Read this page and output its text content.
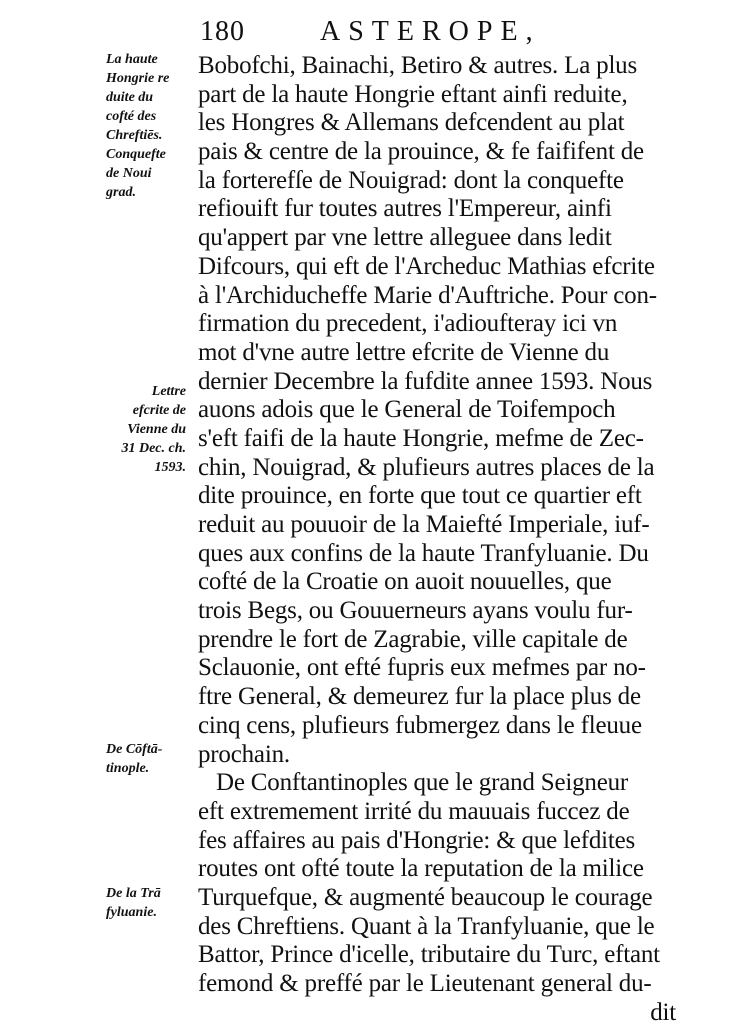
180	ASTEROPE,
Bobofchi, Bainachi, Betiro & autres. La plus
part de la haute Hongrie eftant ainfi reduite,
les Hongres & Allemans defcendent au plat
pais & centre de la prouince, & fe faififent de
la forterefſe de Nouigrad: dont la conquefte
refiouift fur toutes autres l'Empereur, ainfi
qu'appert par vne lettre alleguee dans ledit
Difcours, qui eft de l'Archeduc Mathias efcrite
à l'Archiducheffe Marie d'Auftriche. Pour con-
firmation du precedent, i'adioufteray ici vn
mot d'vne autre lettre efcrite de Vienne du
dernier Decembre la fufdite annee 1593. Nous
auons adois que le General de Toifempoch
s'eft faifi de la haute Hongrie, mefme de Zec-
chin, Nouigrad, & plufieurs autres places de la
dite prouince, en forte que tout ce quartier eft
reduit au pouuoir de la Maiefté Imperiale, iuf-
ques aux confins de la haute Tranfyluanie. Du
cofté de la Croatie on auoit nouuelles, que
trois Begs, ou Gouuerneurs ayans voulu fur-
prendre le fort de Zagrabie, ville capitale de
Sclauonie, ont efté fupris eux mefmes par no-
ftre General, & demeurez fur la place plus de
cinq cens, plufieurs fubmergez dans le fleuue
prochain.
De Conftantinoples que le grand Seigneur
eft extremement irrité du mauuais fuccez de
fes affaires au pais d'Hongrie: & que lefdites
routes ont ofté toute la reputation de la milice
Turquefque, & augmenté beaucoup le courage
des Chreftiens. Quant à la Tranfyluanie, que le
Battor, Prince d'icelle, tributaire du Turc, eftant
femond & preffé par le Lieutenant general du-
dit
La haute
Hongrie re
duite du
cofté des
Chreftiēs.
Conquefte
de Noui
grad.
Lettre
efcrite de
Vienne du
31 Dec. ch.
1593.
De Cōftā-
tinople.
De la Trā
fyluanie.
